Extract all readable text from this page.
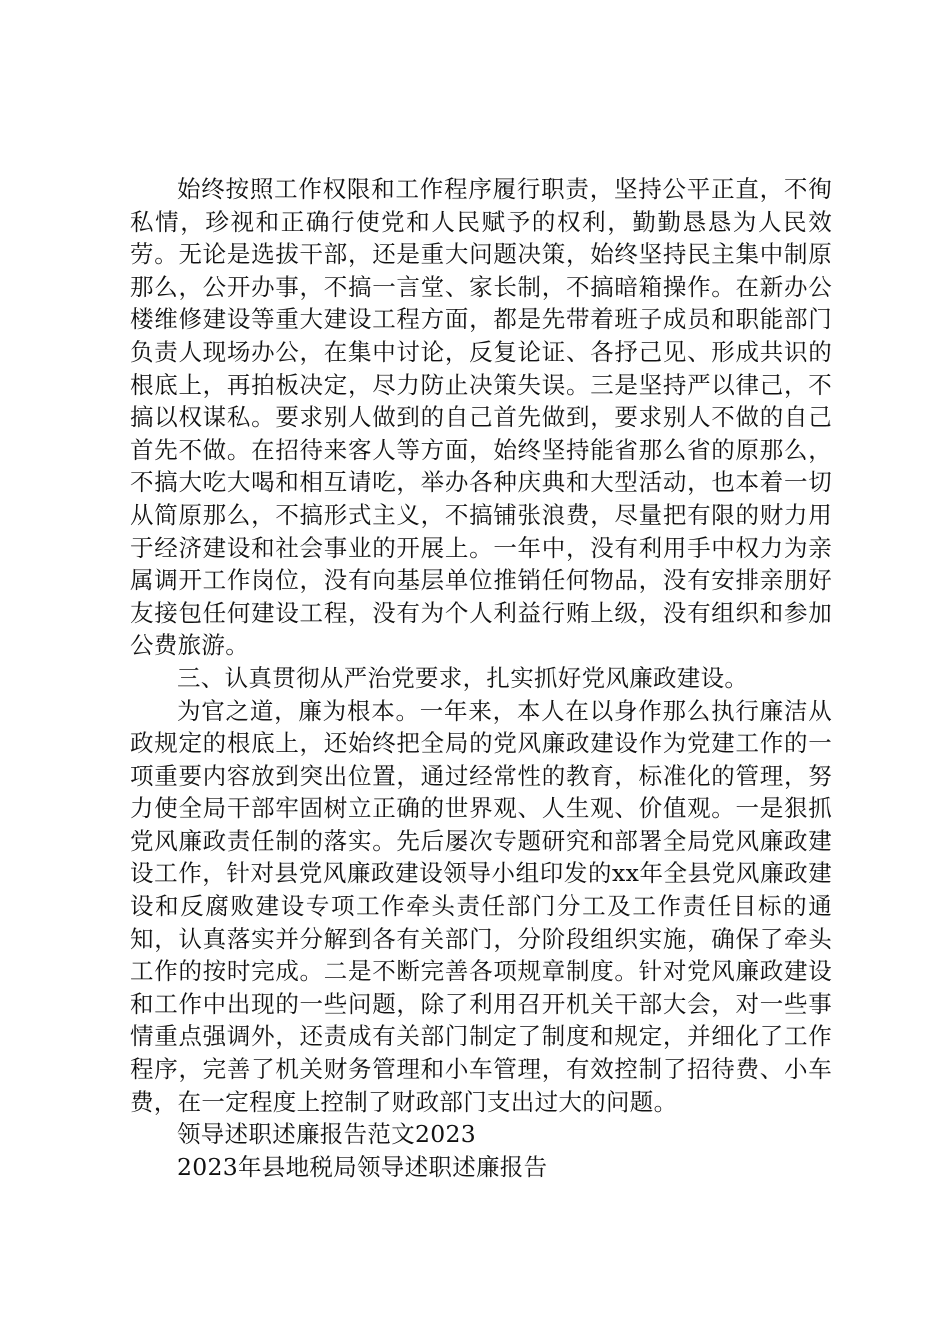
始终按照工作权限和工作程序履行职责，坚持公平正直，不徇私情，珍视和正确行使党和人民赋予的权利，勤勤恳恳为人民效劳。无论是选拔干部，还是重大问题决策，始终坚持民主集中制原那么，公开办事，不搞一言堂、家长制，不搞暗箱操作。在新办公楼维修建设等重大建设工程方面，都是先带着班子成员和职能部门负责人现场办公，在集中讨论，反复论证、各抒己见、形成共识的根底上，再拍板决定，尽力防止决策失误。三是坚持严以律己，不搞以权谋私。要求别人做到的自己首先做到，要求别人不做的自己首先不做。在招待来客人等方面，始终坚持能省那么省的原那么，不搞大吃大喝和相互请吃，举办各种庆典和大型活动，也本着一切从简原那么，不搞形式主义，不搞铺张浪费，尽量把有限的财力用于经济建设和社会事业的开展上。一年中，没有利用手中权力为亲属调开工作岗位，没有向基层单位推销任何物品，没有安排亲朋好友接包任何建设工程，没有为个人利益行贿上级，没有组织和参加公费旅游。

三、认真贯彻从严治党要求，扎实抓好党风廉政建设。

为官之道，廉为根本。一年来，本人在以身作那么执行廉洁从政规定的根底上，还始终把全局的党风廉政建设作为党建工作的一项重要内容放到突出位置，通过经常性的教育，标准化的管理，努力使全局干部牢固树立正确的世界观、人生观、价值观。一是狠抓党风廉政责任制的落实。先后屡次专题研究和部署全局党风廉政建设工作，针对县党风廉政建设领导小组印发的xx年全县党风廉政建设和反腐败建设专项工作牵头责任部门分工及工作责任目标的通知，认真落实并分解到各有关部门，分阶段组织实施，确保了牵头工作的按时完成。二是不断完善各项规章制度。针对党风廉政建设和工作中出现的一些问题，除了利用召开机关干部大会，对一些事情重点强调外，还责成有关部门制定了制度和规定，并细化了工作程序，完善了机关财务管理和小车管理，有效控制了招待费、小车费，在一定程度上控制了财政部门支出过大的问题。

领导述职述廉报告范文2023

2023年县地税局领导述职述廉报告
